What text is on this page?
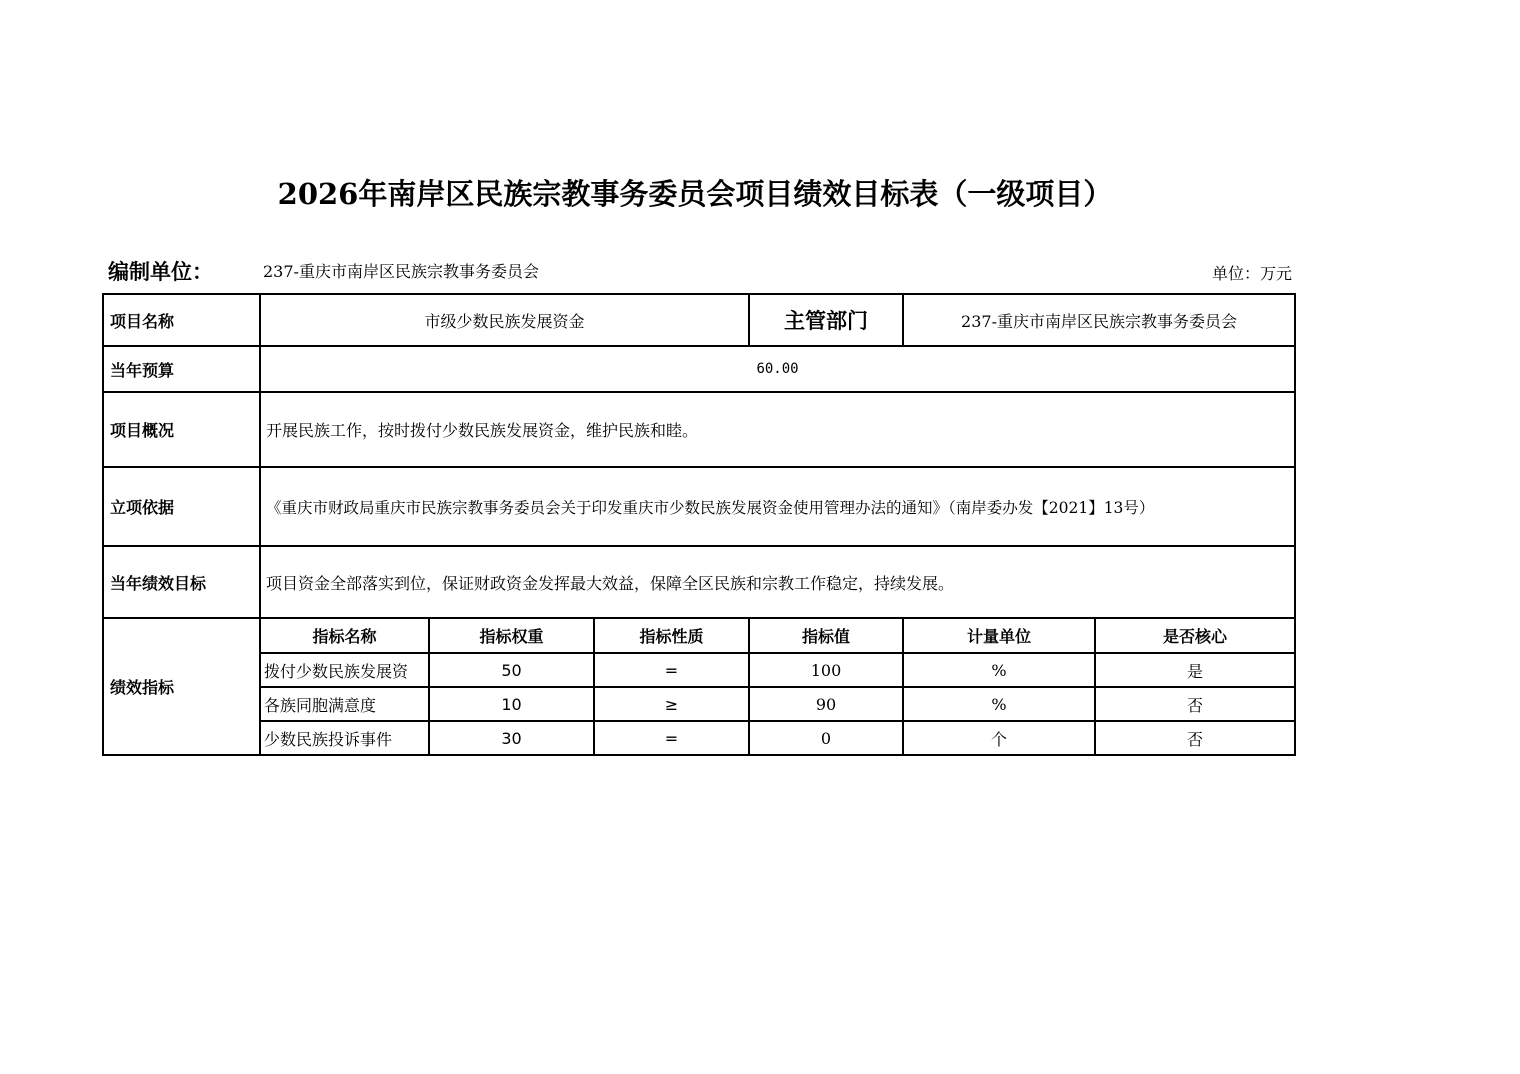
2026年南岸区民族宗教事务委员会项目绩效目标表（一级项目）
编制单位：	237-重庆市南岸区民族宗教事务委员会	单位：万元
项目名称	市级少数民族发展资金			主管部门	237-重庆市南岸区民族宗教事务委员会	
当年预算	60.00					
项目概况	开展民族工作，按时拨付少数民族发展资金，维护民族和睦。					
立项依据	《重庆市财政局重庆市民族宗教事务委员会关于印发重庆市少数民族发展资金使用管理办法的通知》（南岸委办发【2021】13号）					
当年绩效目标	项目资金全部落实到位，保证财政资金发挥最大效益，保障全区民族和宗教工作稳定，持续发展。					
绩效指标	指标名称	指标权重	指标性质	指标值	计量单位	是否核心
	拨付少数民族发展资	50	=	100	%	是
	各族同胞满意度	10	≥	90	%	否
	少数民族投诉事件	30	=	0	个	否
